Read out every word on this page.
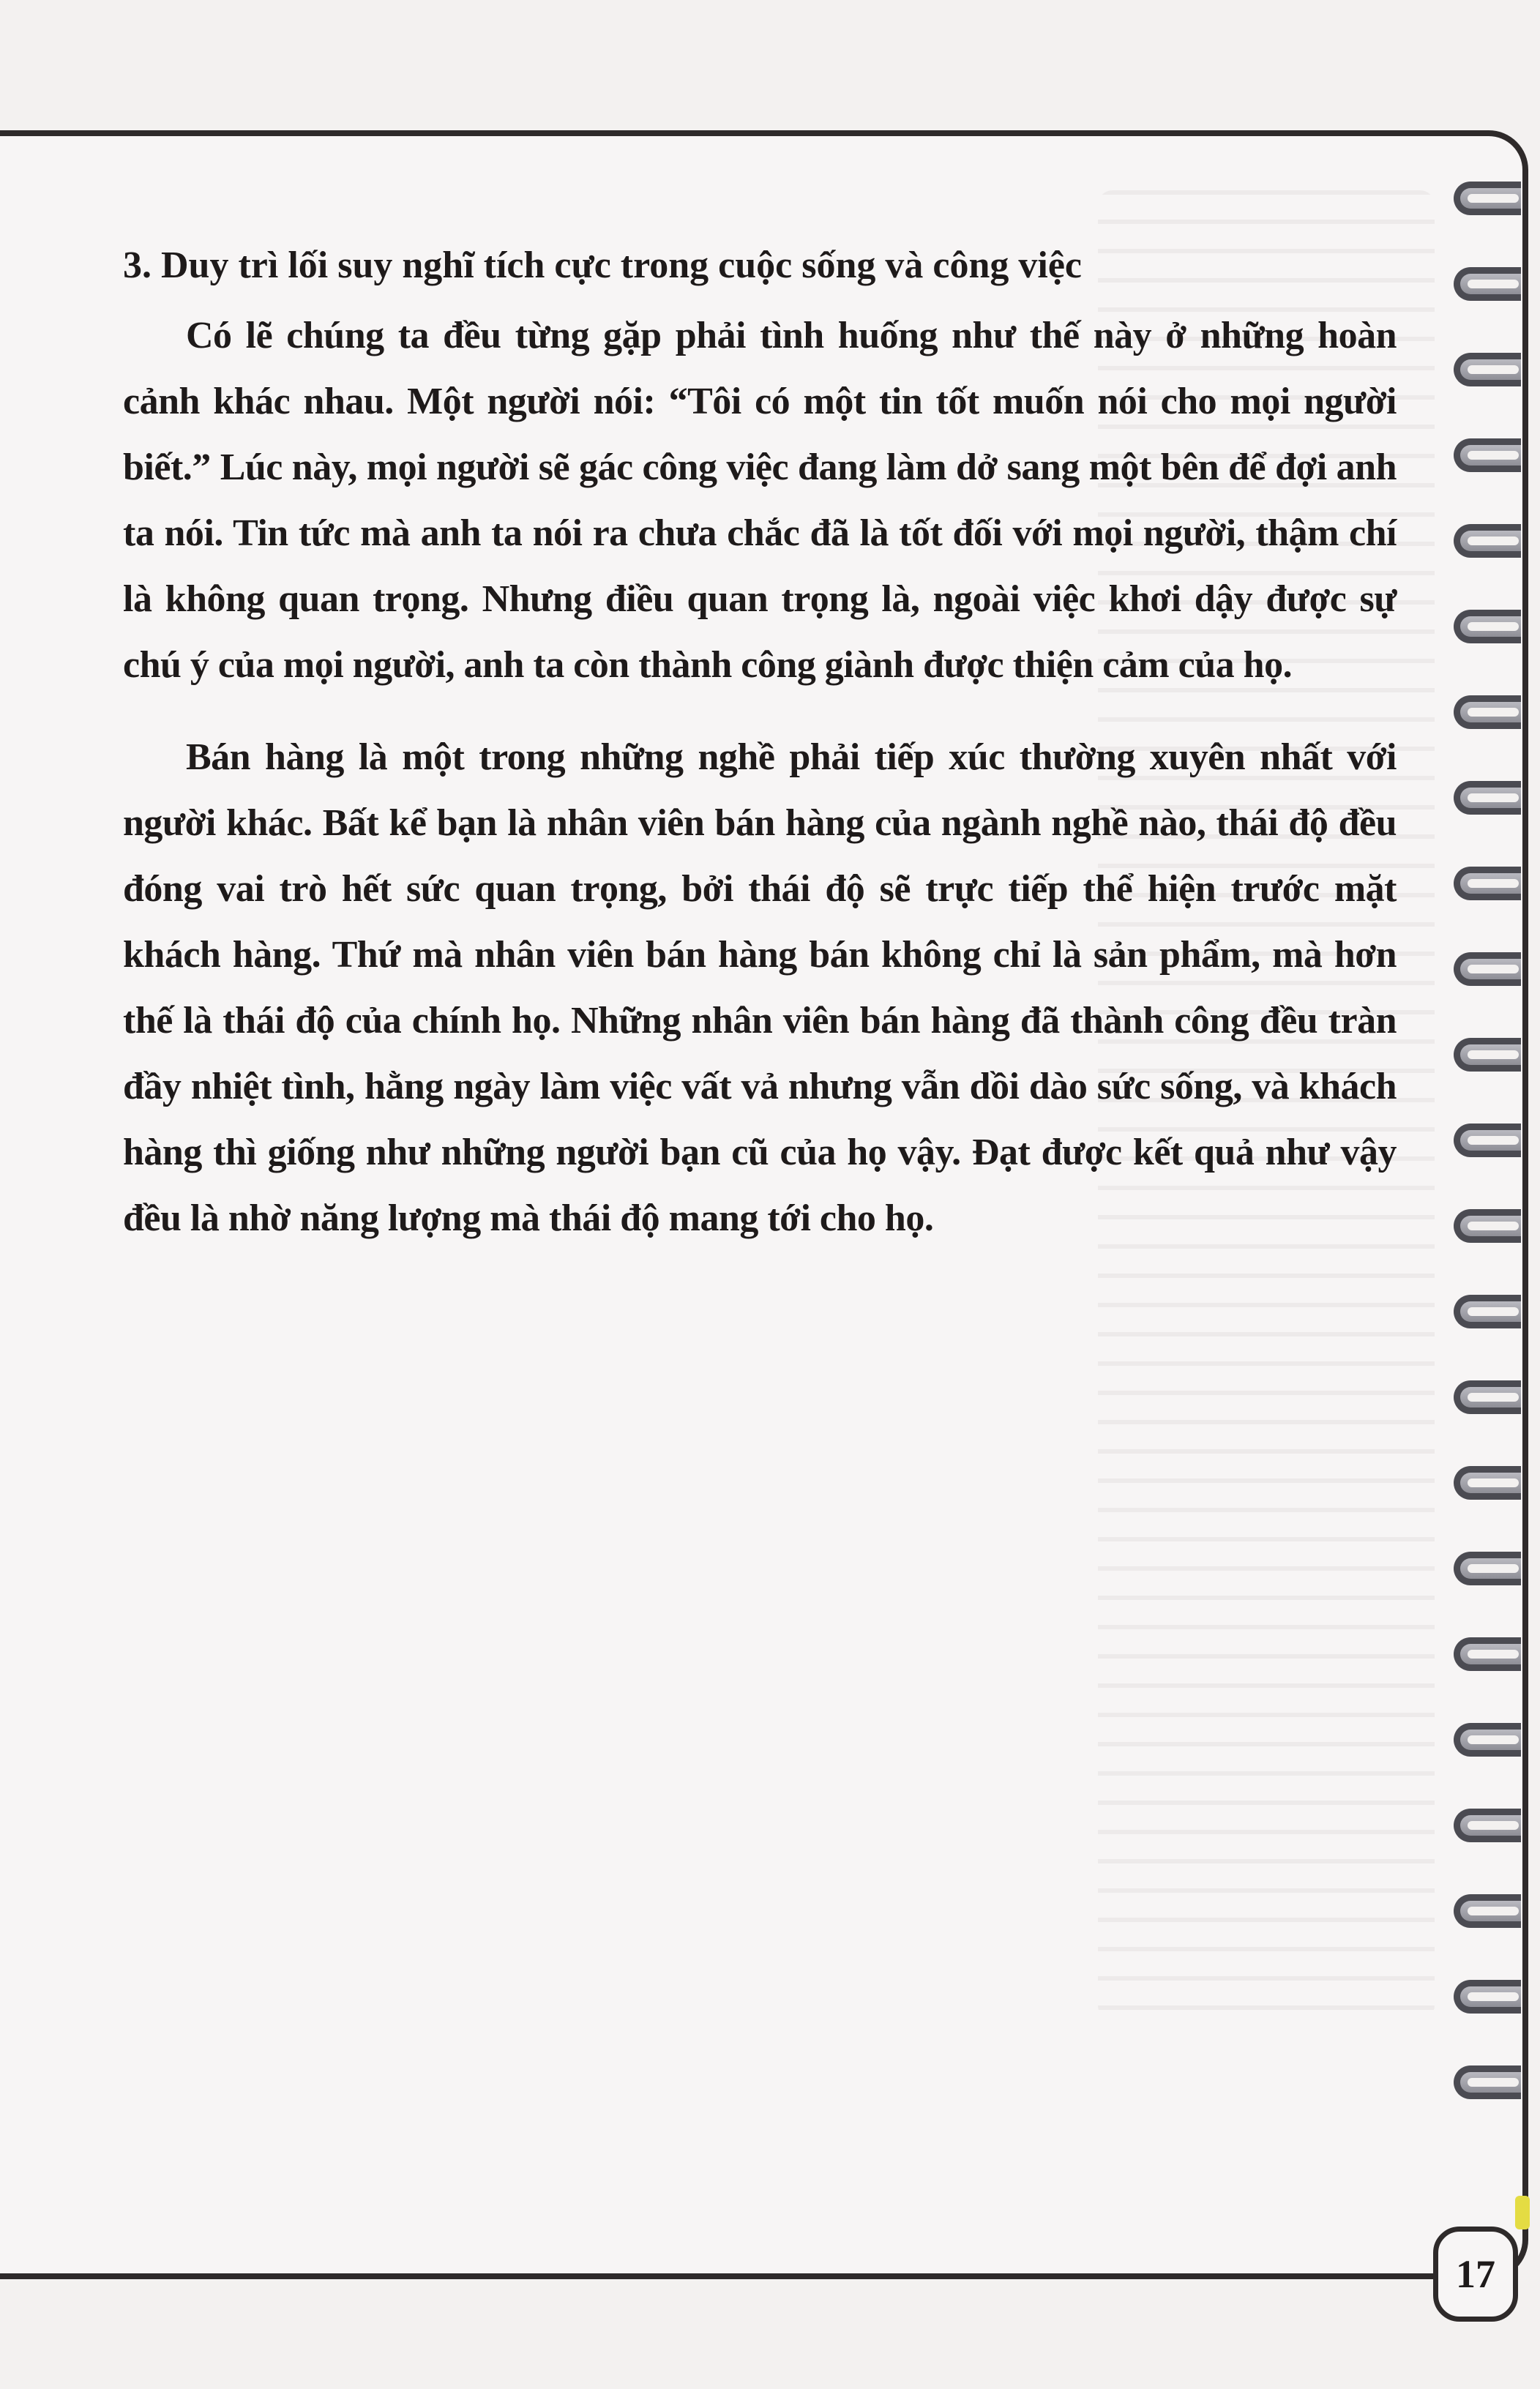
3. Duy trì lối suy nghĩ tích cực trong cuộc sống và công việc

Có lẽ chúng ta đều từng gặp phải tình huống như thế này ở những hoàn cảnh khác nhau. Một người nói: “Tôi có một tin tốt muốn nói cho mọi người biết.” Lúc này, mọi người sẽ gác công việc đang làm dở sang một bên để đợi anh ta nói. Tin tức mà anh ta nói ra chưa chắc đã là tốt đối với mọi người, thậm chí là không quan trọng. Nhưng điều quan trọng là, ngoài việc khơi dậy được sự chú ý của mọi người, anh ta còn thành công giành được thiện cảm của họ.

Bán hàng là một trong những nghề phải tiếp xúc thường xuyên nhất với người khác. Bất kể bạn là nhân viên bán hàng của ngành nghề nào, thái độ đều đóng vai trò hết sức quan trọng, bởi thái độ sẽ trực tiếp thể hiện trước mặt khách hàng. Thứ mà nhân viên bán hàng bán không chỉ là sản phẩm, mà hơn thế là thái độ của chính họ. Những nhân viên bán hàng đã thành công đều tràn đầy nhiệt tình, hằng ngày làm việc vất vả nhưng vẫn dồi dào sức sống, và khách hàng thì giống như những người bạn cũ của họ vậy. Đạt được kết quả như vậy đều là nhờ năng lượng mà thái độ mang tới cho họ.

17
